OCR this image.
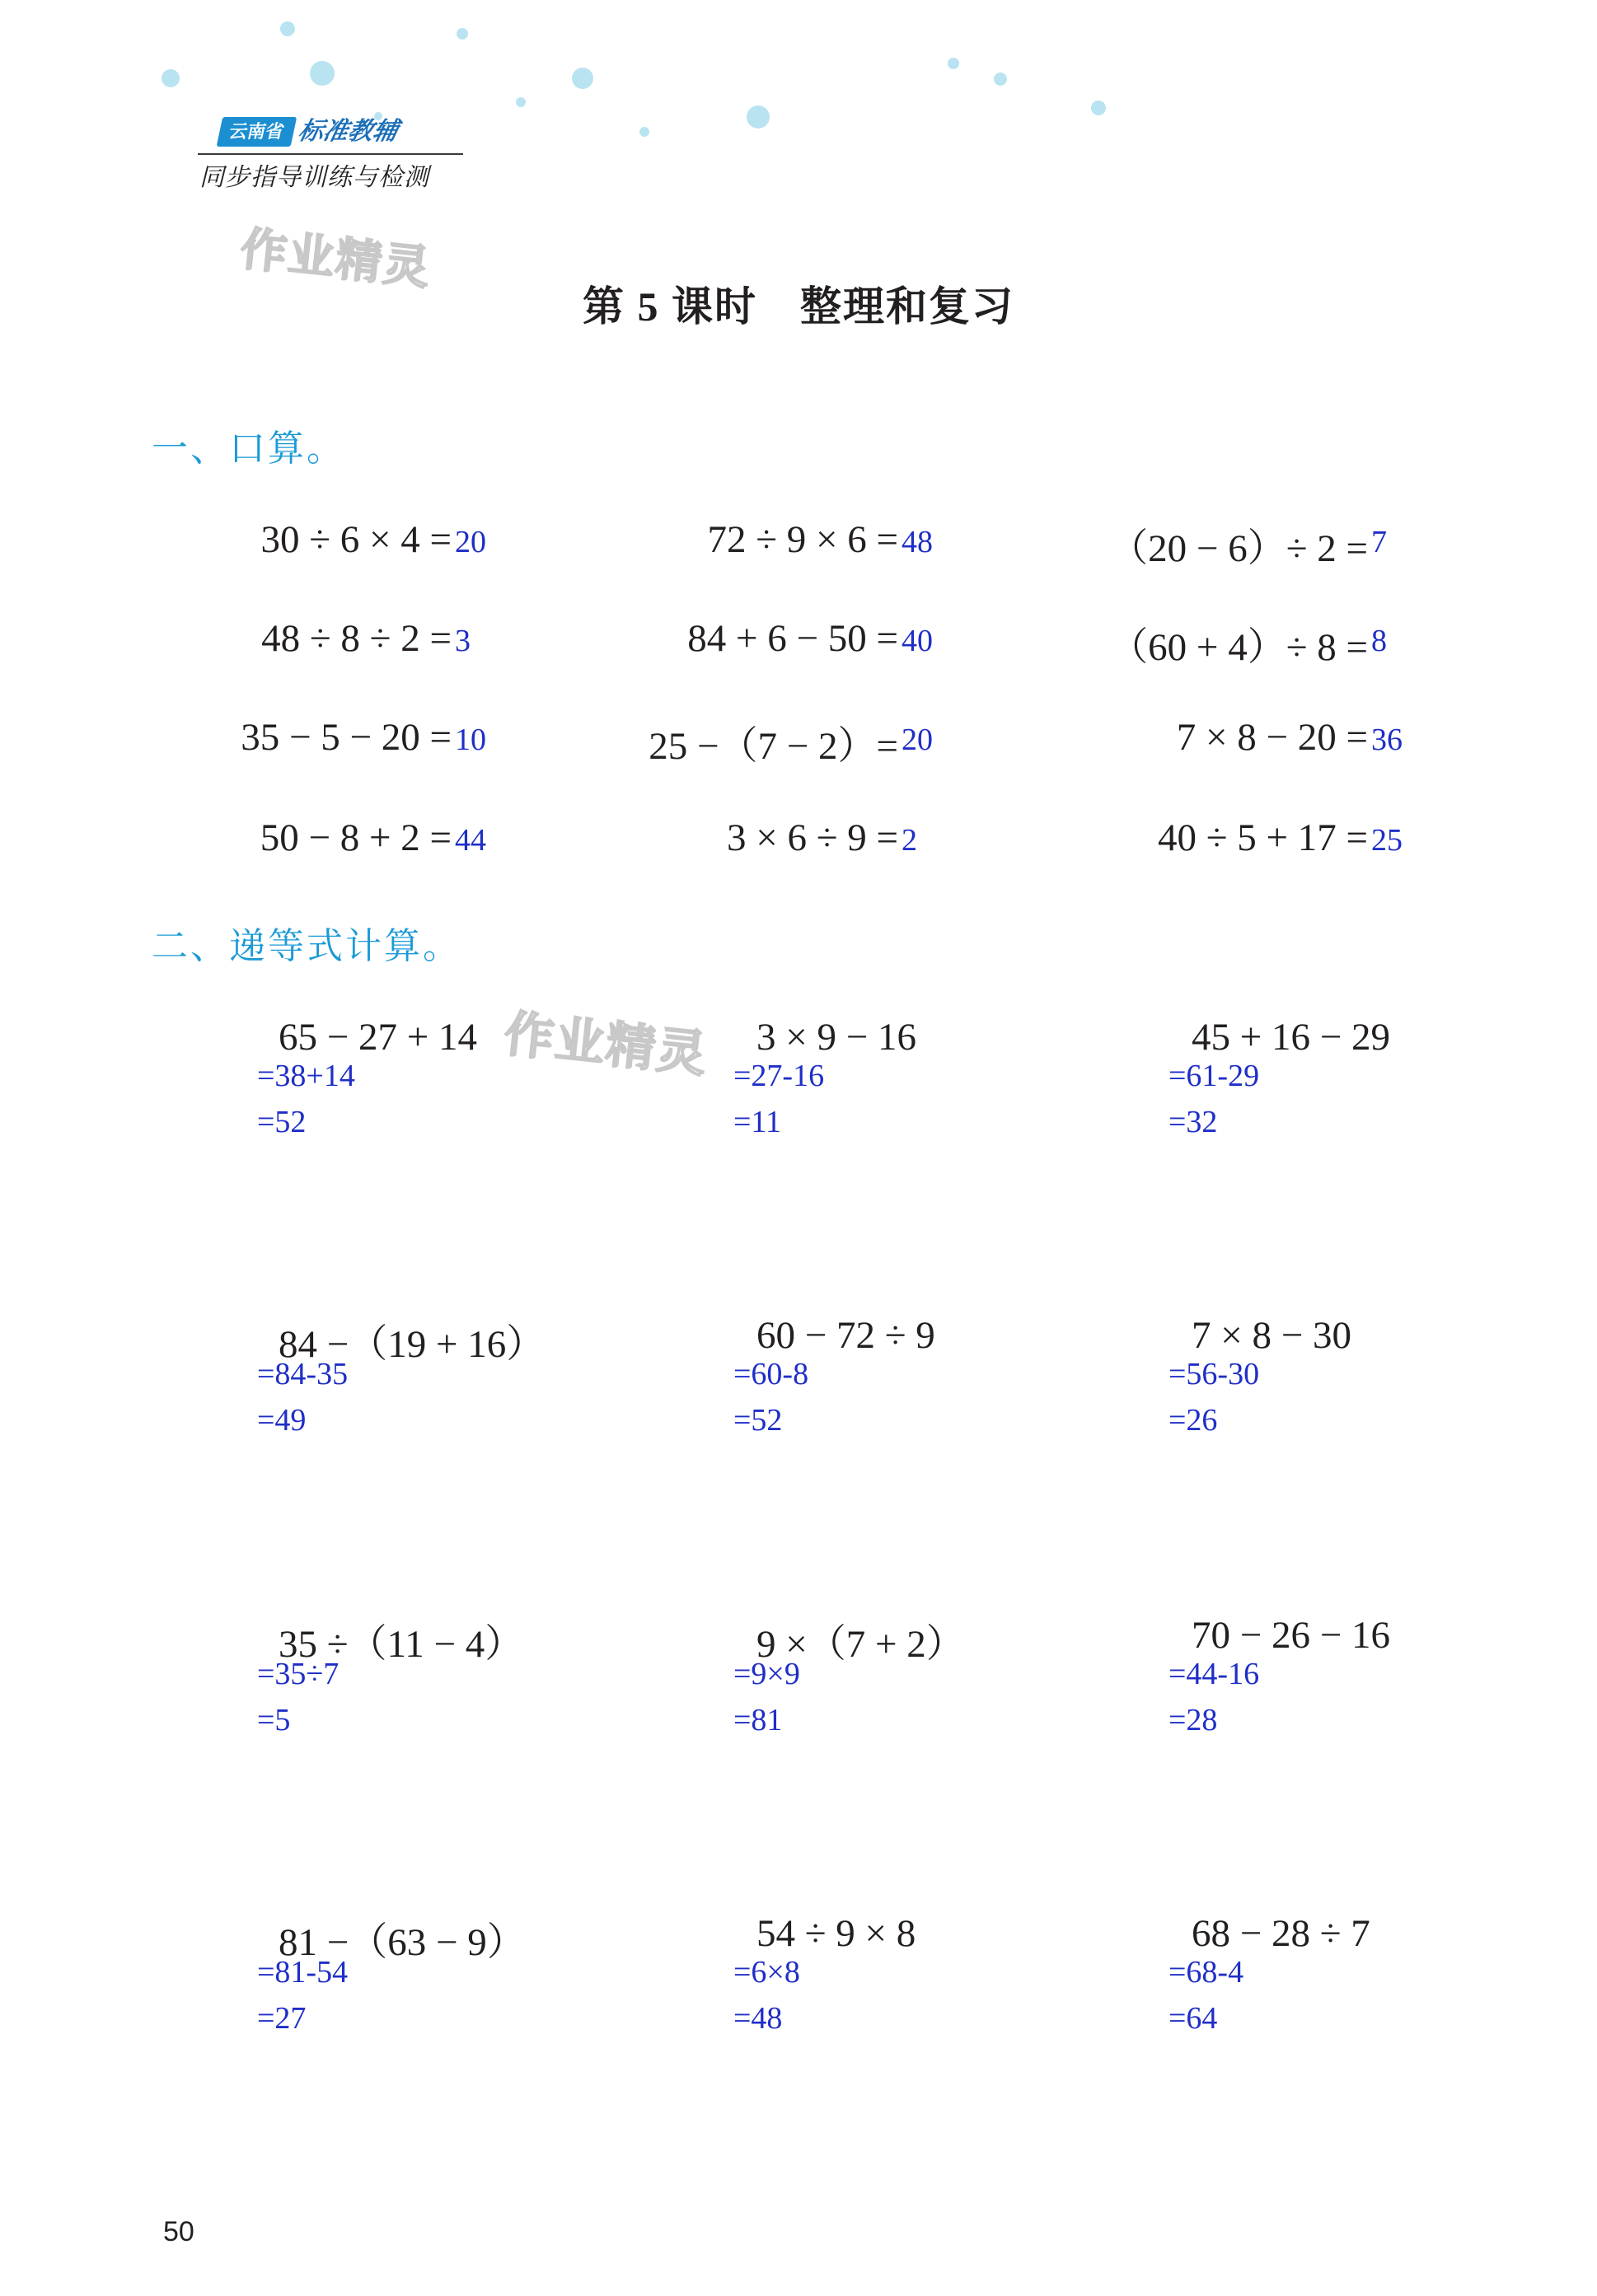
云南省 标准教辅
同步指导训练与检测
作业精灵
第 5 课时　整理和复习
一、口算。
30 ÷ 6 × 4 = 20	72 ÷ 9 × 6 = 48	（20 − 6）÷ 2 = 7
48 ÷ 8 ÷ 2 = 3	84 + 6 − 50 = 40	（60 + 4）÷ 8 = 8
35 − 5 − 20 = 10	25 −（7 − 2）= 20	7 × 8 − 20 = 36
50 − 8 + 2 = 44	3 × 6 ÷ 9 = 2	40 ÷ 5 + 17 = 25
二、递等式计算。
作业精灵
65 − 27 + 14
=38+14
=52
3 × 9 − 16
=27-16
=11
45 + 16 − 29
=61-29
=32
84 −（19 + 16）
=84-35
=49
60 − 72 ÷ 9
=60-8
=52
7 × 8 − 30
=56-30
=26
35 ÷（11 − 4）
=35÷7
=5
9 ×（7 + 2）
=9×9
=81
70 − 26 − 16
=44-16
=28
81 −（63 − 9）
=81-54
=27
54 ÷ 9 × 8
=6×8
=48
68 − 28 ÷ 7
=68-4
=64
50
